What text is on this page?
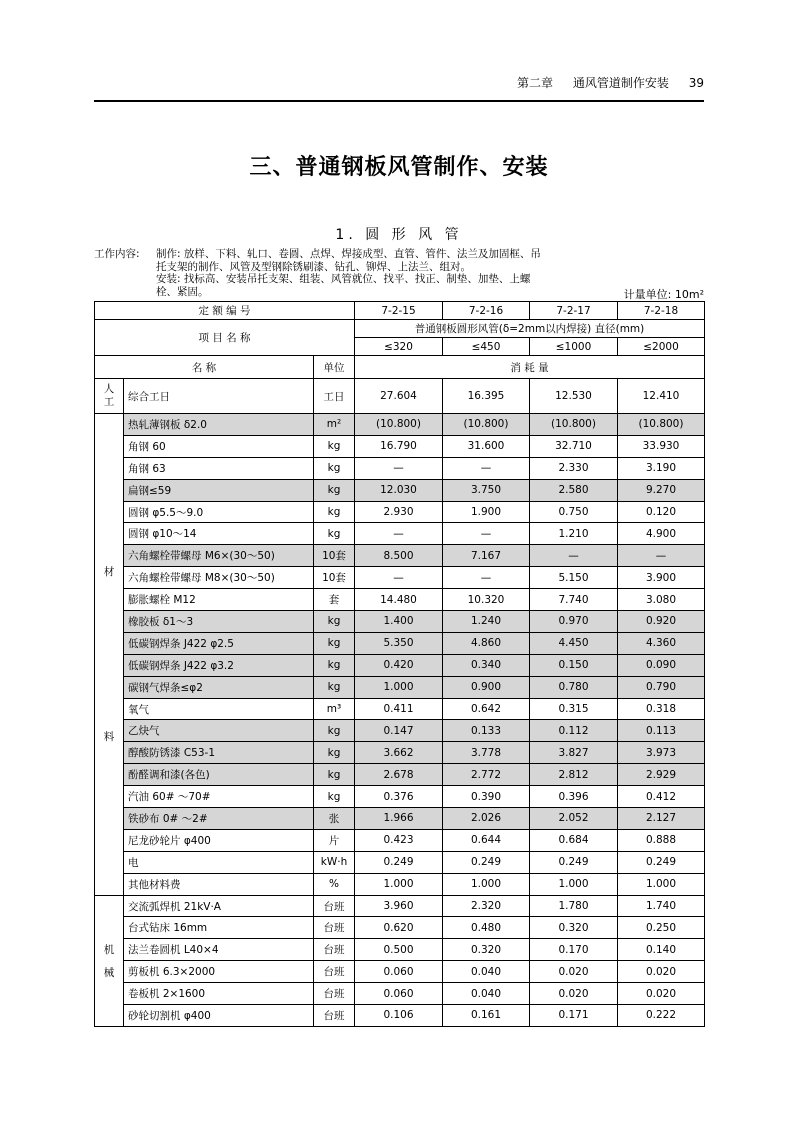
第二章 通风管道制作安装 39
三、普通钢板风管制作、安装
1. 圆 形 风 管
工作内容: 制作: 放样、下料、轧口、卷圆、点焊、焊接成型、直管、管件、法兰及加固框、吊
托支架的制作、风管及型钢除锈刷漆、钻孔、铆焊、上法兰、组对。
安装: 找标高、安装吊托支架、组装、风管就位、找平、找正、制垫、加垫、上螺
栓、紧固。	计量单位: 10m²
定 额 编 号			7-2-15	7-2-16	7-2-17	7-2-18
项 目 名 称			普通钢板圆形风管(δ=2mm以内焊接) 直径(mm)			
			≤320	≤450	≤1000	≤2000
名 称		单位	消 耗 量			

人工	综合工日	工日	27.604	16.395	12.530	12.410

材
料	热轧薄钢板 δ2.0	m²	(10.800)	(10.800)	(10.800)	(10.800)
	角钢 60	kg	16.790	31.600	32.710	33.930
	角钢 63	kg	—	—	2.330	3.190
	扁钢≤59	kg	12.030	3.750	2.580	9.270
	圆钢 φ5.5～9.0	kg	2.930	1.900	0.750	0.120
	圆钢 φ10～14	kg	—	—	1.210	4.900
	六角螺栓带螺母 M6×(30～50)	10套	8.500	7.167	—	—
	六角螺栓带螺母 M8×(30～50)	10套	—	—	5.150	3.900
	膨胀螺栓 M12	套	14.480	10.320	7.740	3.080
	橡胶板 δ1～3	kg	1.400	1.240	0.970	0.920
	低碳钢焊条 J422 φ2.5	kg	5.350	4.860	4.450	4.360
	低碳钢焊条 J422 φ3.2	kg	0.420	0.340	0.150	0.090
	碳钢气焊条≤φ2	kg	1.000	0.900	0.780	0.790
	氧气	m³	0.411	0.642	0.315	0.318
	乙炔气	kg	0.147	0.133	0.112	0.113
	醇酸防锈漆 C53-1	kg	3.662	3.778	3.827	3.973
	酚醛调和漆(各色)	kg	2.678	2.772	2.812	2.929
	汽油 60# ～70#	kg	0.376	0.390	0.396	0.412
	铁砂布 0# ～2#	张	1.966	2.026	2.052	2.127
	尼龙砂轮片 φ400	片	0.423	0.644	0.684	0.888
	电	kW·h	0.249	0.249	0.249	0.249
	其他材料费	%	1.000	1.000	1.000	1.000

机
械	交流弧焊机 21kV·A	台班	3.960	2.320	1.780	1.740
	台式钻床 16mm	台班	0.620	0.480	0.320	0.250
	法兰卷圆机 L40×4	台班	0.500	0.320	0.170	0.140
	剪板机 6.3×2000	台班	0.060	0.040	0.020	0.020
	卷板机 2×1600	台班	0.060	0.040	0.020	0.020
	砂轮切割机 φ400	台班	0.106	0.161	0.171	0.222
